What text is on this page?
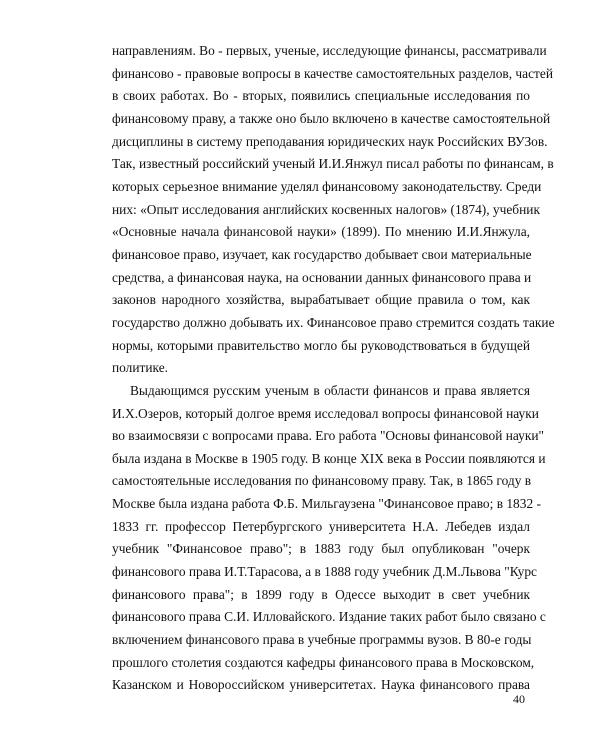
направлениям. Во - первых, ученые, исследующие финансы, рассматривали
финансово - правовые вопросы в качестве самостоятельных разделов, частей
в своих работах. Во - вторых, появились специальные исследования по
финансовому праву, а также оно было включено в качестве самостоятельной
дисциплины в систему преподавания юридических наук Российских ВУЗов.
Так, известный российский ученый И.И.Янжул писал работы по финансам, в
которых серьезное внимание уделял финансовому законодательству. Среди
них: «Опыт исследования английских косвенных налогов» (1874), учебник
«Основные начала финансовой науки» (1899). По мнению И.И.Янжула,
финансовое право, изучает, как государство добывает свои материальные
средства, а финансовая наука, на основании данных финансового права и
законов народного хозяйства, вырабатывает общие правила о том, как
государство должно добывать их. Финансовое право стремится создать такие
нормы, которыми правительство могло бы руководствоваться в будущей
политике.
Выдающимся русским ученым в области финансов и права является
И.Х.Озеров, который долгое время исследовал вопросы финансовой науки
во взаимосвязи с вопросами права. Его работа "Основы финансовой науки"
была издана в Москве в 1905 году. В конце XIX века в России появляются и
самостоятельные исследования по финансовому праву. Так, в 1865 году в
Москве была издана работа Ф.Б. Мильгаузена "Финансовое право; в 1832 -
1833 гг. профессор Петербургского университета Н.А. Лебедев издал
учебник "Финансовое право"; в 1883 году был опубликован "очерк
финансового права И.Т.Тарасова, а в 1888 году учебник Д.М.Львова "Курс
финансового права"; в 1899 году в Одессе выходит в свет учебник
финансового права С.И. Илловайского. Издание таких работ было связано с
включением финансового права в учебные программы вузов. В 80-е годы
прошлого столетия создаются кафедры финансового права в Московском,
Казанском и Новороссийском университетах. Наука финансового права
40
